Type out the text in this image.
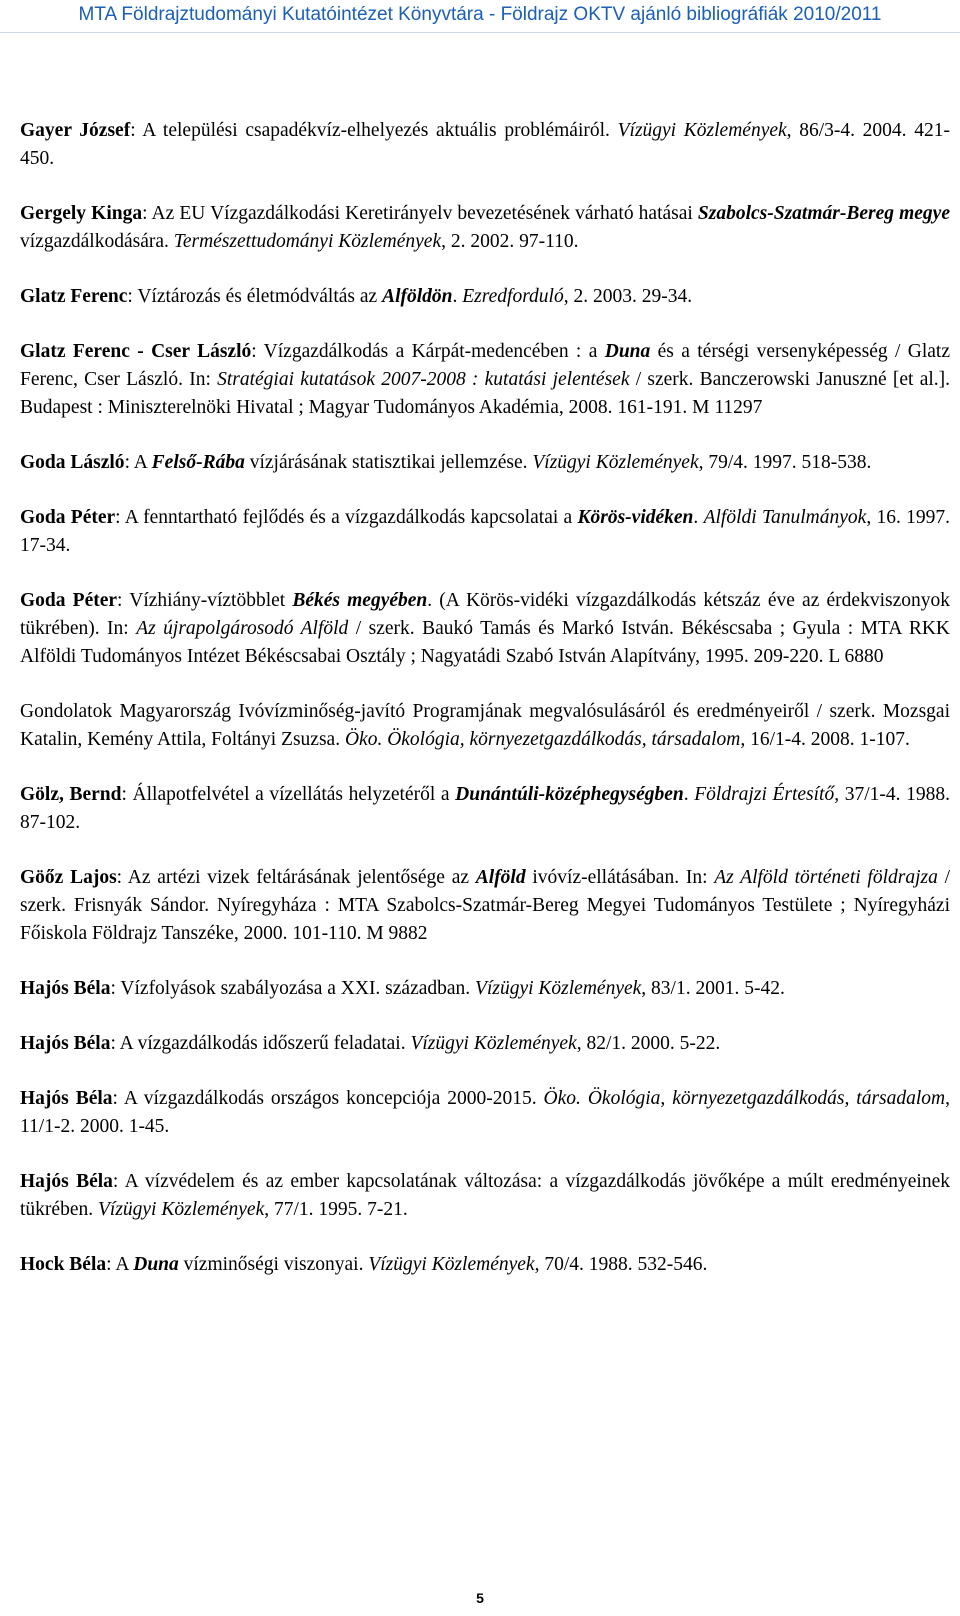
MTA Földrajztudományi Kutatóintézet Könyvtára - Földrajz OKTV ajánló bibliográfiák 2010/2011

Gayer József: A települési csapadékvíz-elhelyezés aktuális problémáiról. Vízügyi Közlemények, 86/3-4. 2004. 421-450.

Gergely Kinga: Az EU Vízgazdálkodási Keretirányelv bevezetésének várható hatásai Szabolcs-Szatmár-Bereg megye vízgazdálkodására. Természettudományi Közlemények, 2. 2002. 97-110.

Glatz Ferenc: Víztározás és életmódváltás az Alföldön. Ezredforduló, 2. 2003. 29-34.

Glatz Ferenc - Cser László: Vízgazdálkodás a Kárpát-medencében : a Duna és a térségi versenyképesség / Glatz Ferenc, Cser László. In: Stratégiai kutatások 2007-2008 : kutatási jelentések / szerk. Banczerowski Januszné [et al.]. Budapest : Miniszterelnöki Hivatal ; Magyar Tudományos Akadémia, 2008. 161-191. M 11297

Goda László: A Felső-Rába vízjárásának statisztikai jellemzése. Vízügyi Közlemények, 79/4. 1997. 518-538.

Goda Péter: A fenntartható fejlődés és a vízgazdálkodás kapcsolatai a Körös-vidéken. Alföldi Tanulmányok, 16. 1997. 17-34.

Goda Péter: Vízhiány-víztöbblet Békés megyében. (A Körös-vidéki vízgazdálkodás kétszáz éve az érdekviszonyok tükrében). In: Az újrapolgárosodó Alföld / szerk. Baukó Tamás és Markó István. Békéscsaba ; Gyula : MTA RKK Alföldi Tudományos Intézet Békéscsabai Osztály ; Nagyatádi Szabó István Alapítvány, 1995. 209-220. L 6880

Gondolatok Magyarország Ivóvízminőség-javító Programjának megvalósulásáról és eredményeiről / szerk. Mozsgai Katalin, Kemény Attila, Foltányi Zsuzsa. Öko. Ökológia, környezetgazdálkodás, társadalom, 16/1-4. 2008. 1-107.

Gölz, Bernd: Állapotfelvétel a vízellátás helyzetéről a Dunántúli-középhegységben. Földrajzi Értesítő, 37/1-4. 1988. 87-102.

Göőz Lajos: Az artézi vizek feltárásának jelentősége az Alföld ivóvíz-ellátásában. In: Az Alföld történeti földrajza / szerk. Frisnyák Sándor. Nyíregyháza : MTA Szabolcs-Szatmár-Bereg Megyei Tudományos Testülete ; Nyíregyházi Főiskola Földrajz Tanszéke, 2000. 101-110. M 9882

Hajós Béla: Vízfolyások szabályozása a XXI. században. Vízügyi Közlemények, 83/1. 2001. 5-42.

Hajós Béla: A vízgazdálkodás időszerű feladatai. Vízügyi Közlemények, 82/1. 2000. 5-22.

Hajós Béla: A vízgazdálkodás országos koncepciója 2000-2015. Öko. Ökológia, környezetgazdálkodás, társadalom, 11/1-2. 2000. 1-45.

Hajós Béla: A vízvédelem és az ember kapcsolatának változása: a vízgazdálkodás jövőképe a múlt eredményeinek tükrében. Vízügyi Közlemények, 77/1. 1995. 7-21.

Hock Béla: A Duna vízminőségi viszonyai. Vízügyi Közlemények, 70/4. 1988. 532-546.

5
